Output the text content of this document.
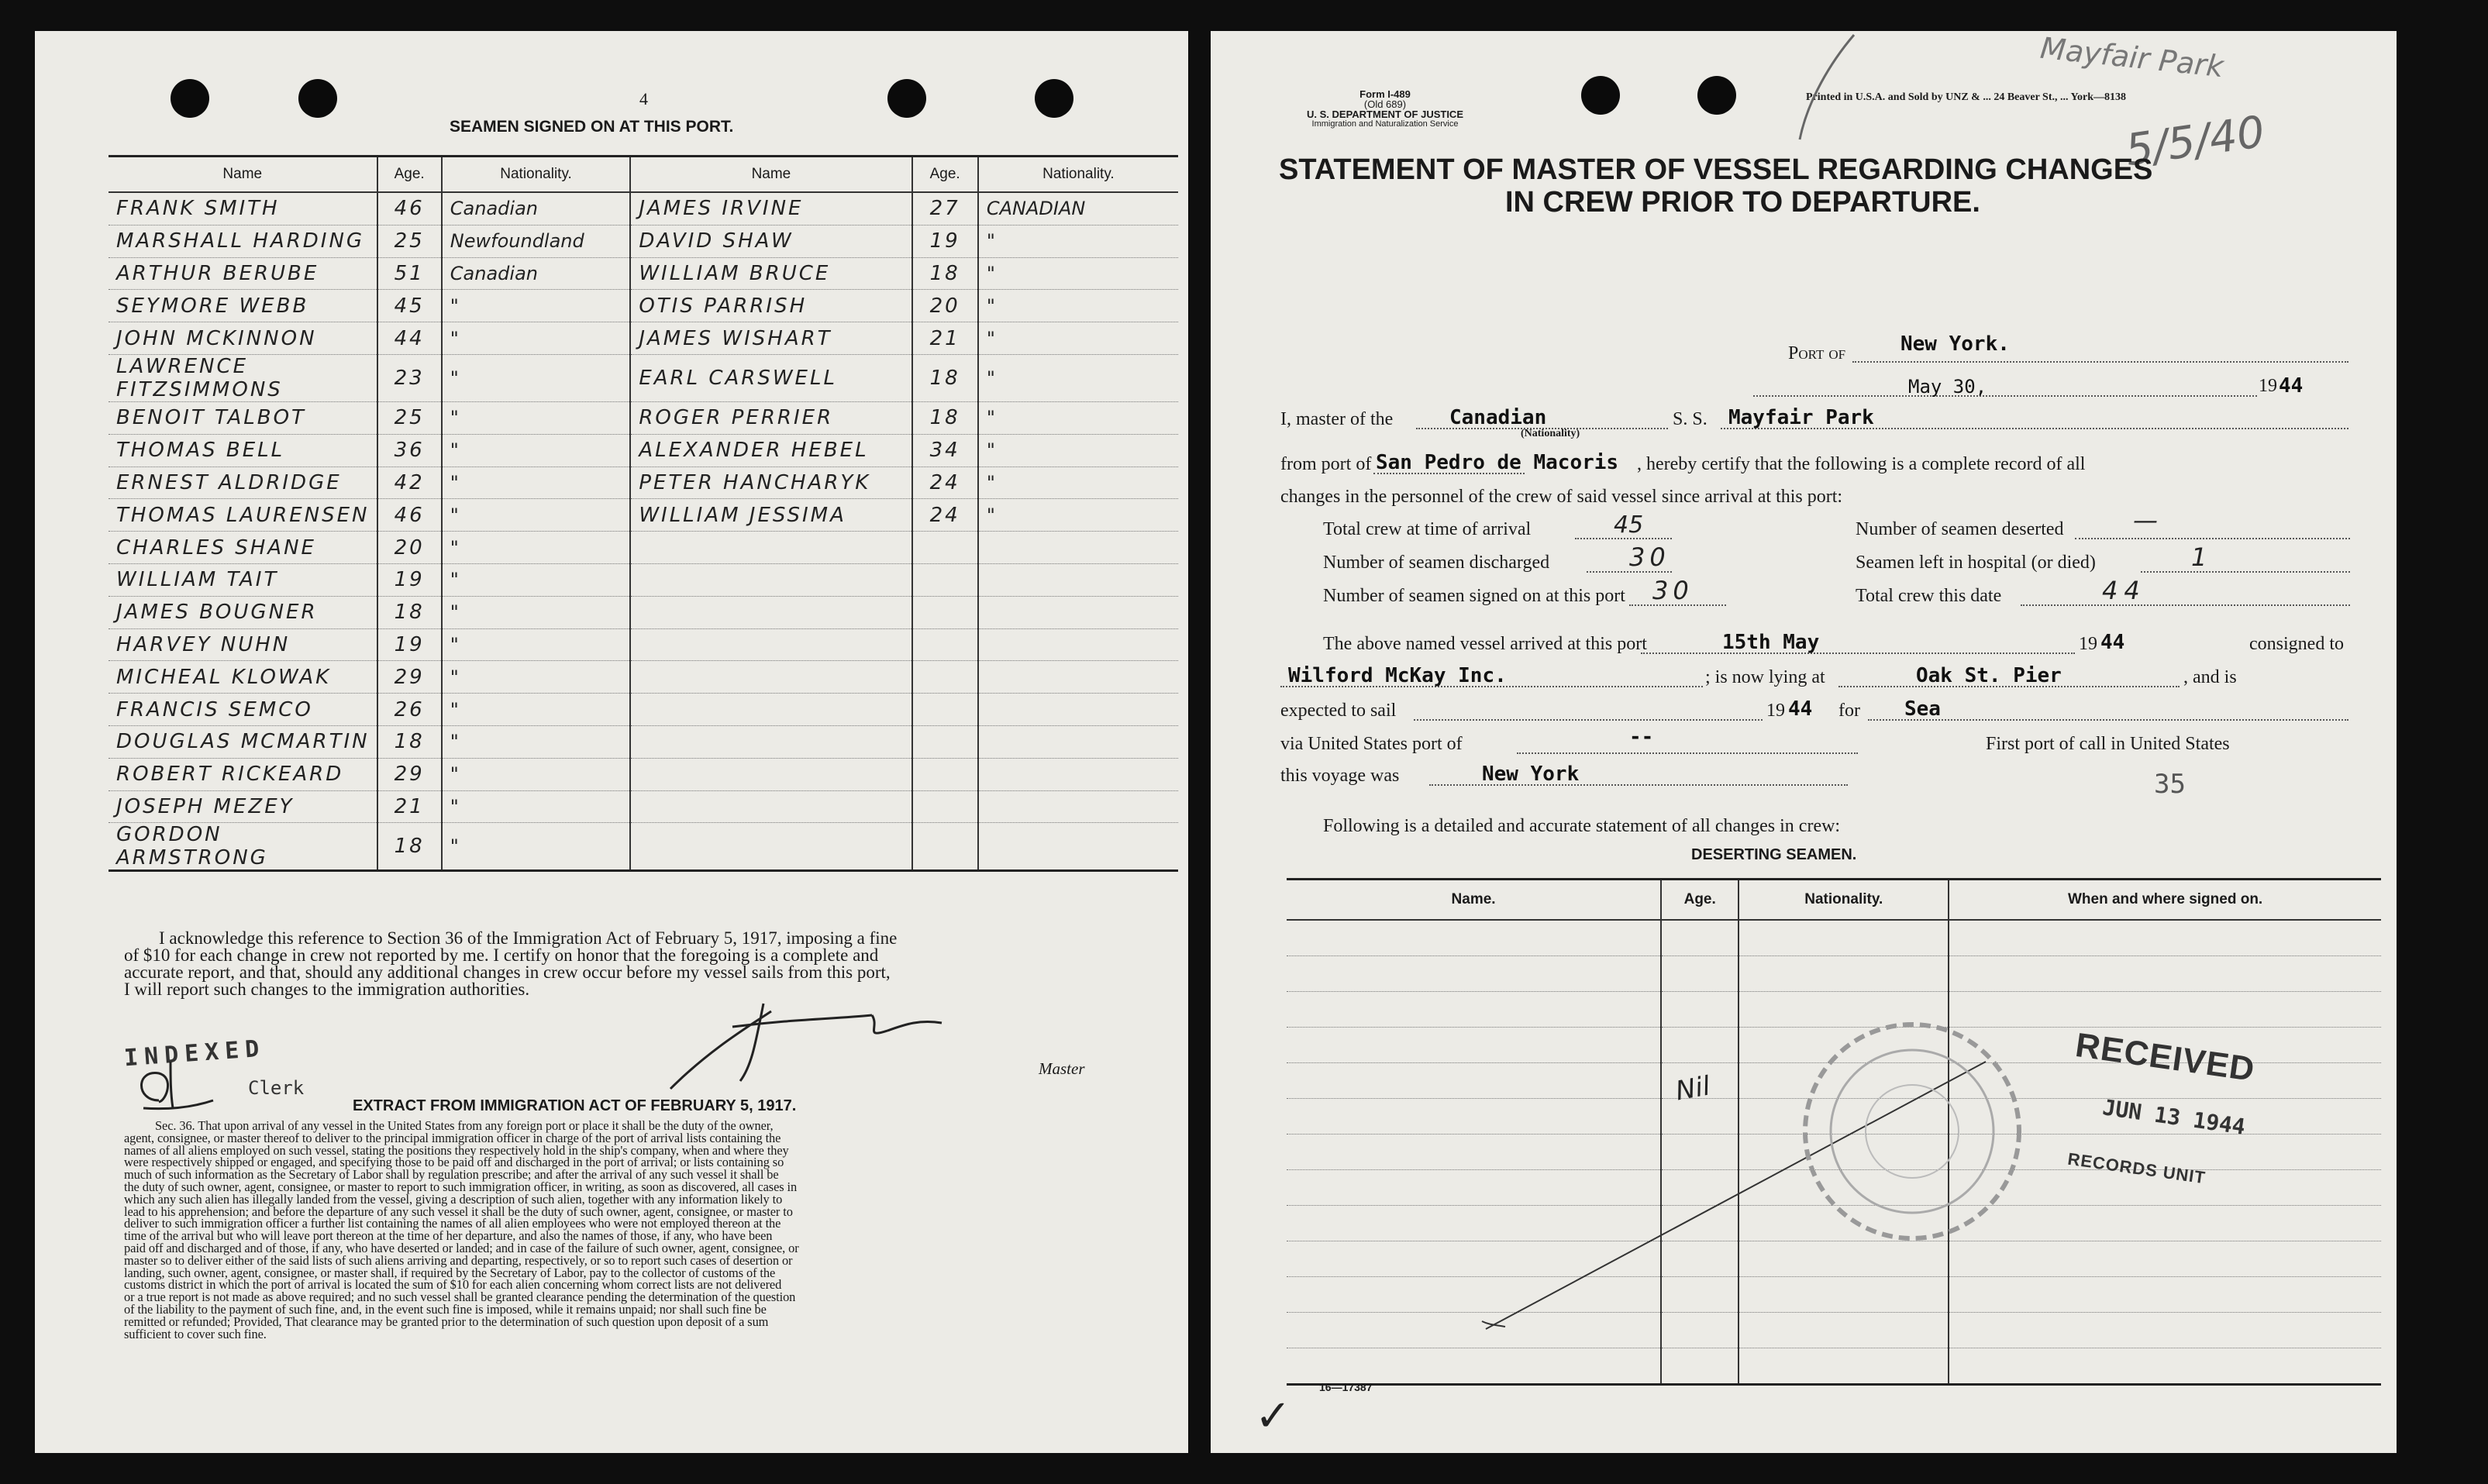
4
SEAMEN SIGNED ON AT THIS PORT.
Name	Age.	Nationality.	Name	Age.	Nationality.
FRANK SMITH	46	Canadian	JAMES IRVINE	27	CANADIAN
MARSHALL HARDING	25	Newfoundland	DAVID SHAW	19	"
ARTHUR BERUBE	51	Canadian	WILLIAM BRUCE	18	"
SEYMORE WEBB	45	"	OTIS PARRISH	20	"
JOHN MCKINNON	44	"	JAMES WISHART	21	"
LAWRENCE FITZSIMMONS	23	"	EARL CARSWELL	18	"
BENOIT TALBOT	25	"	ROGER PERRIER	18	"
THOMAS BELL	36	"	ALEXANDER HEBEL	34	"
ERNEST ALDRIDGE	42	"	PETER HANCHARYK	24	"
THOMAS LAURENSEN	46	"	WILLIAM JESSIMA	24	"
CHARLES SHANE	20	"			
WILLIAM TAIT	19	"			
JAMES BOUGNER	18	"			
HARVEY NUHN	19	"			
MICHEAL KLOWAK	29	"			
FRANCIS SEMCO	26	"			
DOUGLAS MCMARTIN	18	"			
ROBERT RICKEARD	29	"			
JOSEPH MEZEY	21	"			
GORDON ARMSTRONG	18	"			
I acknowledge this reference to Section 36 of the Immigration Act of February 5, 1917, imposing a fine
of $10 for each change in crew not reported by me. I certify on honor that the foregoing is a complete and
accurate report, and that, should any additional changes in crew occur before my vessel sails from this port,
I will report such changes to the immigration authorities.
Master
INDEXED
Clerk
EXTRACT FROM IMMIGRATION ACT OF FEBRUARY 5, 1917.
Sec. 36. That upon arrival of any vessel in the United States from any foreign port or place it shall be the duty of the owner,
agent, consignee, or master thereof to deliver to the principal immigration officer in charge of the port of arrival lists containing the
names of all aliens employed on such vessel, stating the positions they respectively hold in the ship's company, when and where they
were respectively shipped or engaged, and specifying those to be paid off and discharged in the port of arrival; or lists containing so
much of such information as the Secretary of Labor shall by regulation prescribe; and after the arrival of any such vessel it shall be
the duty of such owner, agent, consignee, or master to report to such immigration officer, in writing, as soon as discovered, all cases in
which any such alien has illegally landed from the vessel, giving a description of such alien, together with any information likely to
lead to his apprehension; and before the departure of any such vessel it shall be the duty of such owner, agent, consignee, or master to
deliver to such immigration officer a further list containing the names of all alien employees who were not employed thereon at the
time of the arrival but who will leave port thereon at the time of her departure, and also the names of those, if any, who have been
paid off and discharged and of those, if any, who have deserted or landed; and in case of the failure of such owner, agent, consignee, or
master so to deliver either of the said lists of such aliens arriving and departing, respectively, or so to report such cases of desertion or
landing, such owner, agent, consignee, or master shall, if required by the Secretary of Labor, pay to the collector of customs of the
customs district in which the port of arrival is located the sum of $10 for each alien concerning whom correct lists are not delivered
or a true report is not made as above required; and no such vessel shall be granted clearance pending the determination of the question
of the liability to the payment of such fine, and, in the event such fine is imposed, while it remains unpaid; nor shall such fine be
remitted or refunded; Provided, That clearance may be granted prior to the determination of such question upon deposit of a sum
sufficient to cover such fine.
Form I-489
(Old 689)
U. S. DEPARTMENT OF JUSTICE
Immigration and Naturalization Service
Printed in U.S.A. and Sold by UNZ & ... 24 Beaver St., ... York—8138
Mayfair Park
5/5/40
STATEMENT OF MASTER OF VESSEL REGARDING CHANGES
IN CREW PRIOR TO DEPARTURE.
Port of	New York.
May 30,	19 44
I, master of the	Canadian
(Nationality)
S. S. Mayfair Park
from port of San Pedro de Macoris , hereby certify that the following is a complete record of all
changes in the personnel of the crew of said vessel since arrival at this port:
Total crew at time of arrival	45	Number of seamen deserted	—
Number of seamen discharged	30	Seamen left in hospital (or died)	1
Number of seamen signed on at this port 30	Total crew this date	44
The above named vessel arrived at this port	15th May	19 44	consigned to
Wilford McKay Inc.	; is now lying at	Oak St. Pier	, and is
expected to sail	19 44 for Sea
via United States port of	--	First port of call in United States
this voyage was	New York	35
Following is a detailed and accurate statement of all changes in crew:
DESERTING SEAMEN.
Name.	Age.	Nationality.	When and where signed on.

Nil
RECEIVED
JUN 13 1944
RECORDS UNIT
16—17387
✓
